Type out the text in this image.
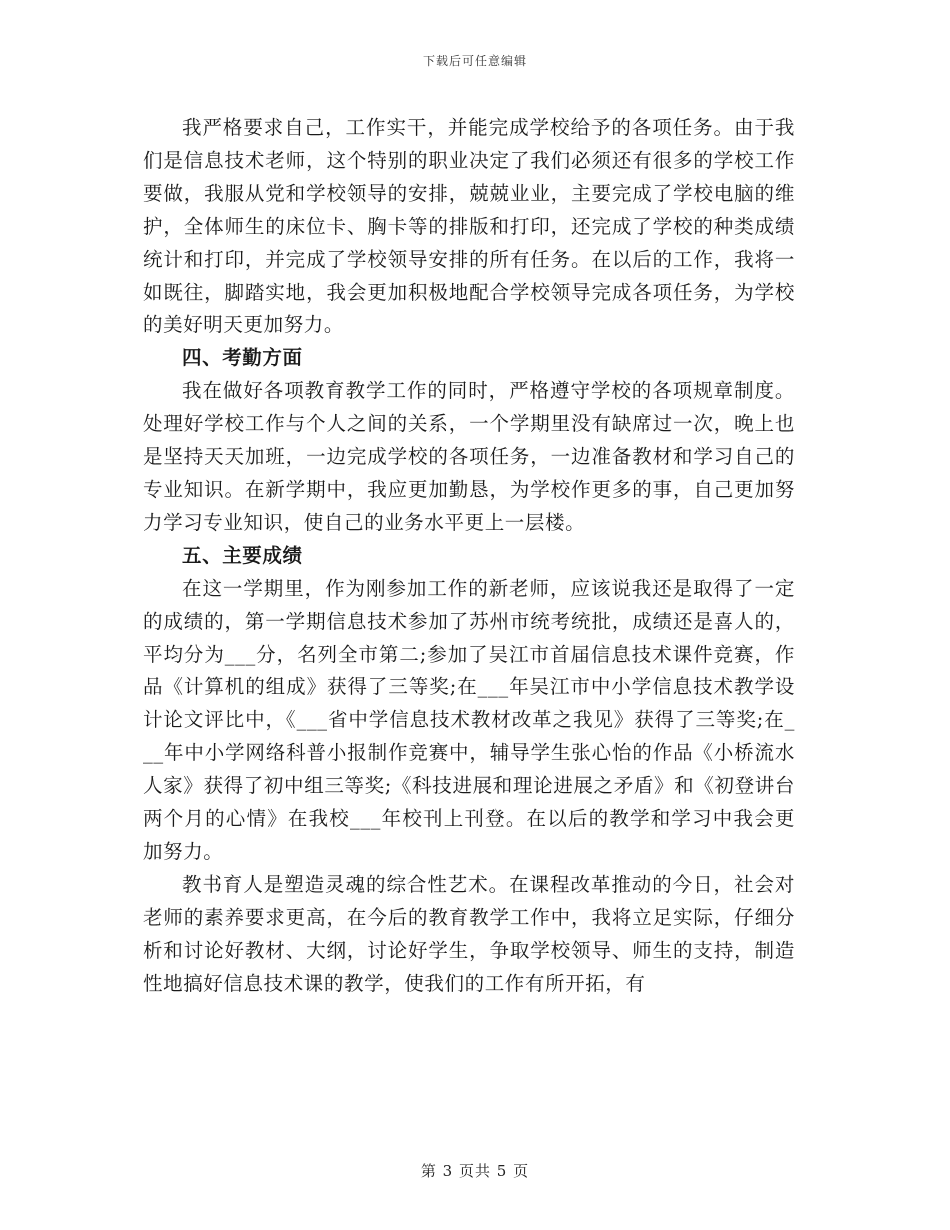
下载后可任意编辑

我严格要求自己，工作实干，并能完成学校给予的各项任务。由于我们是信息技术老师，这个特别的职业决定了我们必须还有很多的学校工作要做，我服从党和学校领导的安排，兢兢业业，主要完成了学校电脑的维护，全体师生的床位卡、胸卡等的排版和打印，还完成了学校的种类成绩统计和打印，并完成了学校领导安排的所有任务。在以后的工作，我将一如既往，脚踏实地，我会更加积极地配合学校领导完成各项任务，为学校的美好明天更加努力。

四、考勤方面

我在做好各项教育教学工作的同时，严格遵守学校的各项规章制度。处理好学校工作与个人之间的关系，一个学期里没有缺席过一次，晚上也是坚持天天加班，一边完成学校的各项任务，一边准备教材和学习自己的专业知识。在新学期中，我应更加勤恳，为学校作更多的事，自己更加努力学习专业知识，使自己的业务水平更上一层楼。

五、主要成绩

在这一学期里，作为刚参加工作的新老师，应该说我还是取得了一定的成绩的，第一学期信息技术参加了苏州市统考统批，成绩还是喜人的，平均分为___分，名列全市第二;参加了吴江市首届信息技术课件竞赛，作品《计算机的组成》获得了三等奖;在___年吴江市中小学信息技术教学设计论文评比中，《___省中学信息技术教材改革之我见》获得了三等奖;在___年中小学网络科普小报制作竞赛中，辅导学生张心怡的作品《小桥流水人家》获得了初中组三等奖;《科技进展和理论进展之矛盾》和《初登讲台两个月的心情》在我校___年校刊上刊登。在以后的教学和学习中我会更加努力。

教书育人是塑造灵魂的综合性艺术。在课程改革推动的今日，社会对老师的素养要求更高，在今后的教育教学工作中，我将立足实际，仔细分析和讨论好教材、大纲，讨论好学生，争取学校领导、师生的支持，制造性地搞好信息技术课的教学，使我们的工作有所开拓，有

第 3 页共 5 页
